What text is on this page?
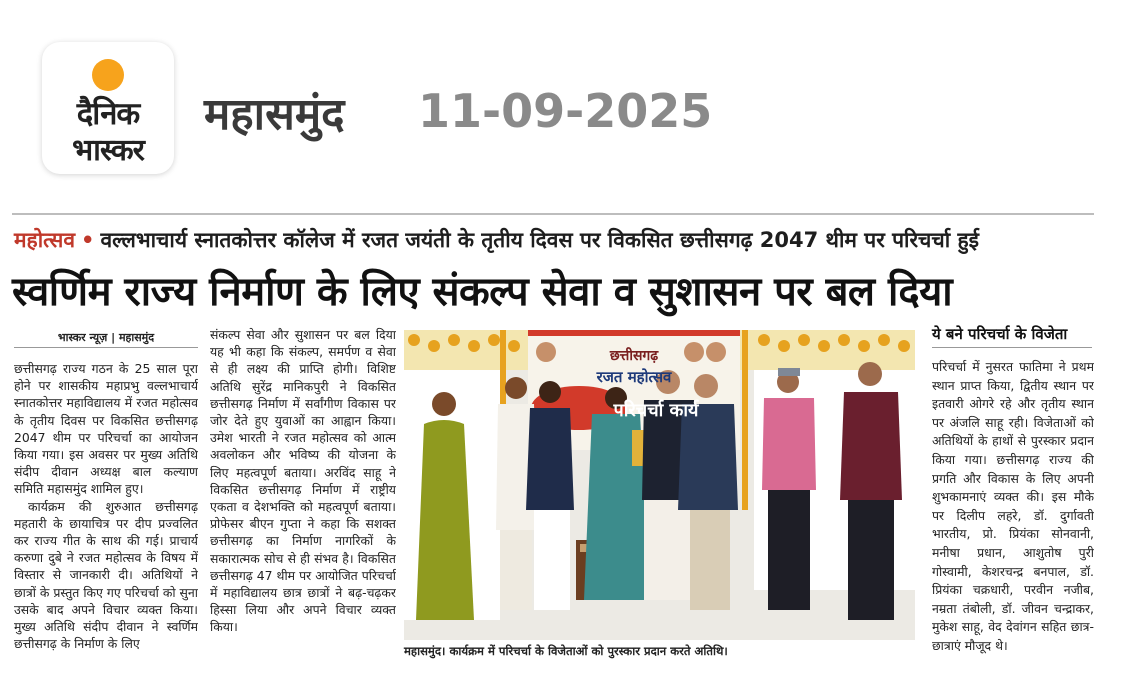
दैनिक
भास्कर
महासमुंद 11-09-2025
महोत्सव • वल्लभाचार्य स्नातकोत्तर कॉलेज में रजत जयंती के तृतीय दिवस पर विकसित छत्तीसगढ़ 2047 थीम पर परिचर्चा हुई
स्वर्णिम राज्य निर्माण के लिए संकल्प सेवा व सुशासन पर बल दिया
भास्कर न्यूज़ | महासमुंद

छत्तीसगढ़ राज्य गठन के 25 साल पूरा होने पर शासकीय महाप्रभु वल्लभाचार्य स्नातकोत्तर महाविद्यालय में रजत महोत्सव के तृतीय दिवस पर विकसित छत्तीसगढ़ 2047 थीम पर परिचर्चा का आयोजन किया गया। इस अवसर पर मुख्य अतिथि संदीप दीवान अध्यक्ष बाल कल्याण समिति महासमुंद शामिल हुए।

कार्यक्रम की शुरुआत छत्तीसगढ़ महतारी के छायाचित्र पर दीप प्रज्वलित कर राज्य गीत के साथ की गई। प्राचार्य करुणा दुबे ने रजत महोत्सव के विषय में विस्तार से जानकारी दी। अतिथियों ने छात्रों के प्रस्तुत किए गए परिचर्चा को सुना उसके बाद अपने विचार व्यक्त किया। मुख्य अतिथि संदीप दीवान ने स्वर्णिम छत्तीसगढ़ के निर्माण के लिए

संकल्प सेवा और सुशासन पर बल दिया यह भी कहा कि संकल्प, समर्पण व सेवा से ही लक्ष्य की प्राप्ति होगी। विशिष्ट अतिथि सुरेंद्र मानिकपुरी ने विकसित छत्तीसगढ़ निर्माण में सर्वांगीण विकास पर जोर देते हुए युवाओं का आह्वान किया। उमेश भारती ने रजत महोत्सव को आत्म अवलोकन और भविष्य की योजना के लिए महत्वपूर्ण बताया। अरविंद साहू ने विकसित छत्तीसगढ़ निर्माण में राष्ट्रीय एकता व देशभक्ति को महत्वपूर्ण बताया। प्रोफेसर बीएन गुप्ता ने कहा कि सशक्त छत्तीसगढ़ का निर्माण नागरिकों के सकारात्मक सोच से ही संभव है। विकसित छत्तीसगढ़ 47 थीम पर आयोजित परिचर्चा में महाविद्यालय छात्र छात्रों ने बढ़-चढ़कर हिस्सा लिया और अपने विचार व्यक्त किया।

छत्तीसगढ़
रजत महोत्सव
परिचर्चा कार्य
महासमुंद। कार्यक्रम में परिचर्चा के विजेताओं को पुरस्कार प्रदान करते अतिथि।
ये बने परिचर्चा के विजेता

परिचर्चा में नुसरत फातिमा ने प्रथम स्थान प्राप्त किया, द्वितीय स्थान पर इतवारी ओगरे रहे और तृतीय स्थान पर अंजलि साहू रही। विजेताओं को अतिथियों के हाथों से पुरस्कार प्रदान किया गया। छत्तीसगढ़ राज्य की प्रगति और विकास के लिए अपनी शुभकामनाएं व्यक्त की। इस मौके पर दिलीप लहरे, डॉ. दुर्गावती भारतीय, प्रो. प्रियंका सोनवानी, मनीषा प्रधान, आशुतोष पुरी गोस्वामी, केशरचन्द्र बनपाल, डॉ. प्रियंका चक्रधारी, परवीन नजीब, नम्रता तंबोली, डॉ. जीवन चन्द्राकर, मुकेश साहू, वेद देवांगन सहित छात्र-छात्राएं मौजूद थे।
